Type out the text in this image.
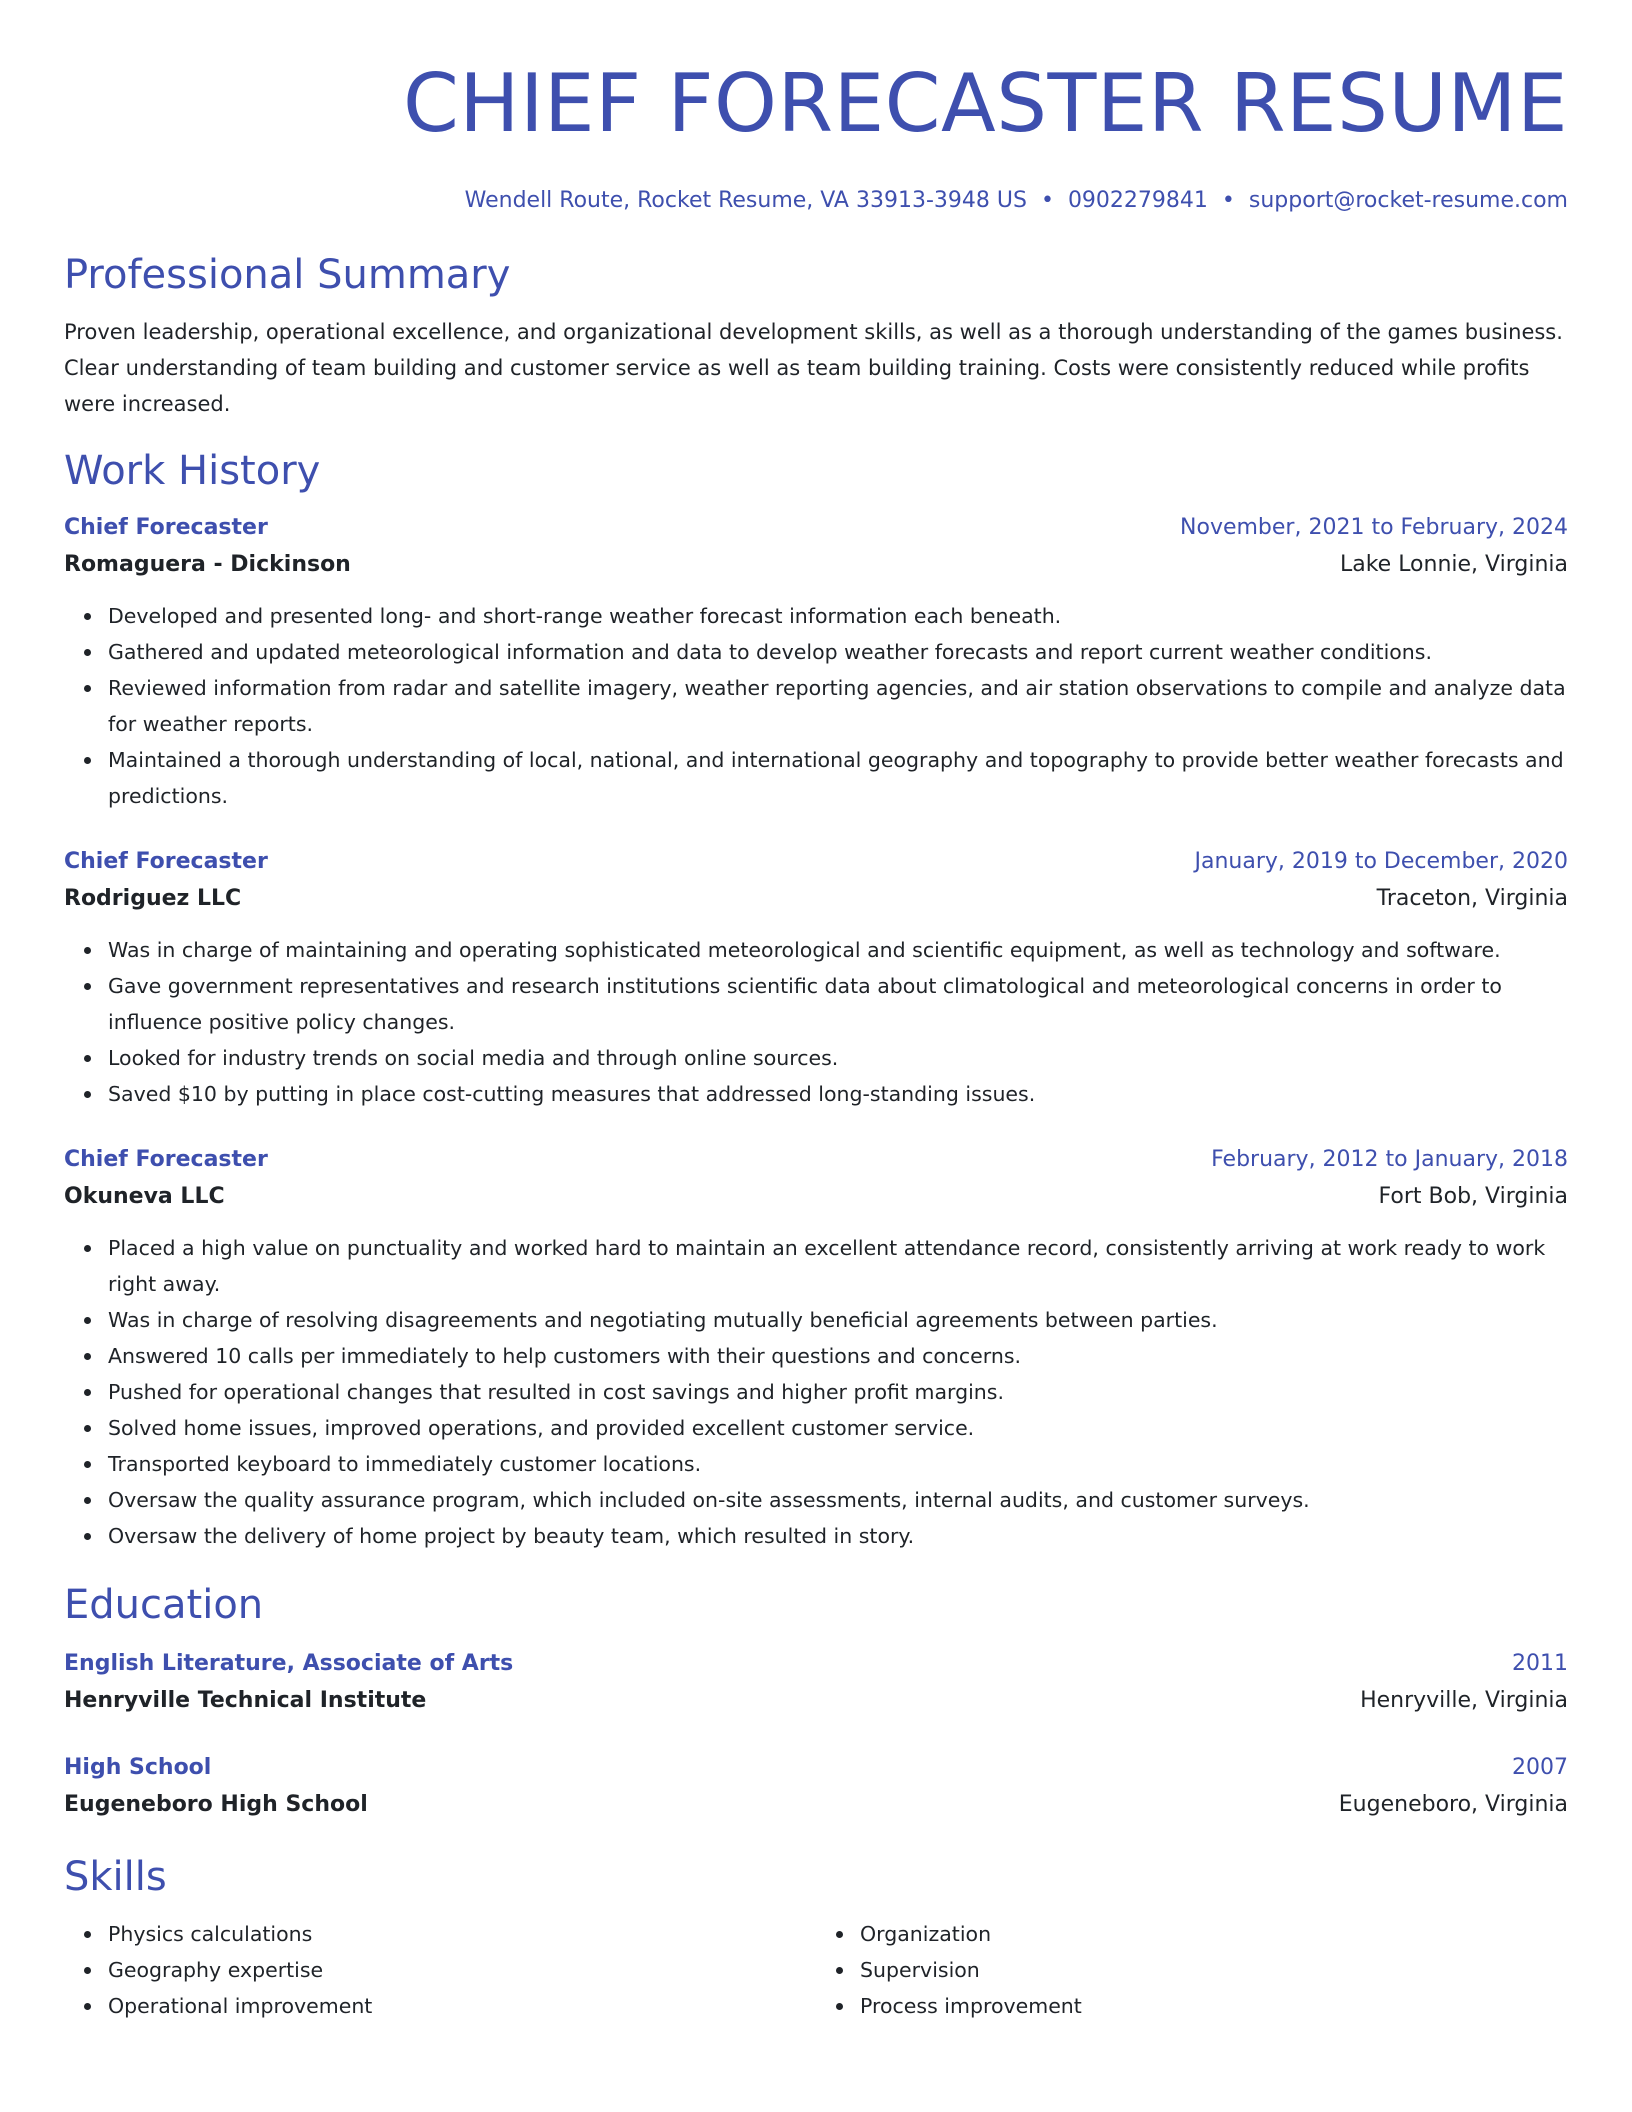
CHIEF FORECASTER RESUME
Wendell Route, Rocket Resume, VA 33913-3948 US • 0902279841 • support@rocket-resume.com
Professional Summary
Proven leadership, operational excellence, and organizational development skills, as well as a thorough understanding of the games business. Clear understanding of team building and customer service as well as team building training. Costs were consistently reduced while profits were increased.
Work History
Chief Forecaster	November, 2021 to February, 2024
Romaguera - Dickinson	Lake Lonnie, Virginia
Developed and presented long- and short-range weather forecast information each beneath.
Gathered and updated meteorological information and data to develop weather forecasts and report current weather conditions.
Reviewed information from radar and satellite imagery, weather reporting agencies, and air station observations to compile and analyze data for weather reports.
Maintained a thorough understanding of local, national, and international geography and topography to provide better weather forecasts and predictions.
Chief Forecaster	January, 2019 to December, 2020
Rodriguez LLC	Traceton, Virginia
Was in charge of maintaining and operating sophisticated meteorological and scientific equipment, as well as technology and software.
Gave government representatives and research institutions scientific data about climatological and meteorological concerns in order to influence positive policy changes.
Looked for industry trends on social media and through online sources.
Saved $10 by putting in place cost-cutting measures that addressed long-standing issues.
Chief Forecaster	February, 2012 to January, 2018
Okuneva LLC	Fort Bob, Virginia
Placed a high value on punctuality and worked hard to maintain an excellent attendance record, consistently arriving at work ready to work right away.
Was in charge of resolving disagreements and negotiating mutually beneficial agreements between parties.
Answered 10 calls per immediately to help customers with their questions and concerns.
Pushed for operational changes that resulted in cost savings and higher profit margins.
Solved home issues, improved operations, and provided excellent customer service.
Transported keyboard to immediately customer locations.
Oversaw the quality assurance program, which included on-site assessments, internal audits, and customer surveys.
Oversaw the delivery of home project by beauty team, which resulted in story.
Education
English Literature, Associate of Arts	2011
Henryville Technical Institute	Henryville, Virginia
High School	2007
Eugeneboro High School	Eugeneboro, Virginia
Skills
Physics calculations
Geography expertise
Operational improvement
Organization
Supervision
Process improvement
